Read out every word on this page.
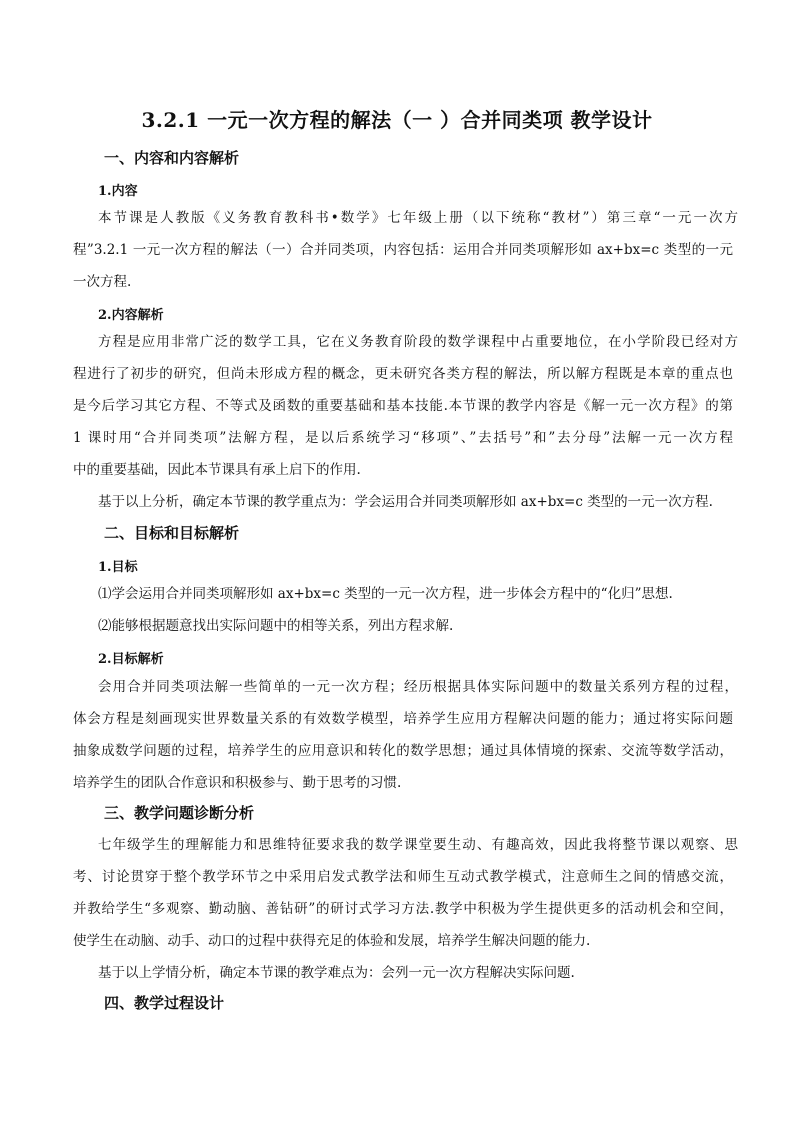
3.2.1 一元一次方程的解法（一 ）合并同类项 教学设计
一、内容和内容解析
1.内容
本节课是人教版《义务教育教科书•数学》七年级上册（以下统称“教材”）第三章“一元一次方
程”3.2.1 一元一次方程的解法（一）合并同类项，内容包括：运用合并同类项解形如 ax+bx=c 类型的一元
一次方程.
2.内容解析
方程是应用非常广泛的数学工具，它在义务教育阶段的数学课程中占重要地位，在小学阶段已经对方
程进行了初步的研究，但尚未形成方程的概念，更未研究各类方程的解法，所以解方程既是本章的重点也
是今后学习其它方程、不等式及函数的重要基础和基本技能.本节课的教学内容是《解一元一次方程》的第
1 课时用“合并同类项”法解方程，是以后系统学习“移项”、”去括号”和”去分母”法解一元一次方程
中的重要基础，因此本节课具有承上启下的作用.
基于以上分析，确定本节课的教学重点为：学会运用合并同类项解形如 ax+bx=c 类型的一元一次方程.
二、目标和目标解析
1.目标
⑴学会运用合并同类项解形如 ax+bx=c 类型的一元一次方程，进一步体会方程中的“化归”思想.
⑵能够根据题意找出实际问题中的相等关系，列出方程求解.
2.目标解析
会用合并同类项法解一些简单的一元一次方程；经历根据具体实际问题中的数量关系列方程的过程，
体会方程是刻画现实世界数量关系的有效数学模型，培养学生应用方程解决问题的能力；通过将实际问题
抽象成数学问题的过程，培养学生的应用意识和转化的数学思想；通过具体情境的探索、交流等数学活动，
培养学生的团队合作意识和积极参与、勤于思考的习惯.
三、教学问题诊断分析
七年级学生的理解能力和思维特征要求我的数学课堂要生动、有趣高效，因此我将整节课以观察、思
考、讨论贯穿于整个教学环节之中采用启发式教学法和师生互动式教学模式，注意师生之间的情感交流，
并教给学生“多观察、勤动脑、善钻研”的研讨式学习方法.教学中积极为学生提供更多的活动机会和空间，
使学生在动脑、动手、动口的过程中获得充足的体验和发展，培养学生解决问题的能力.
基于以上学情分析，确定本节课的教学难点为：会列一元一次方程解决实际问题.
四、教学过程设计
